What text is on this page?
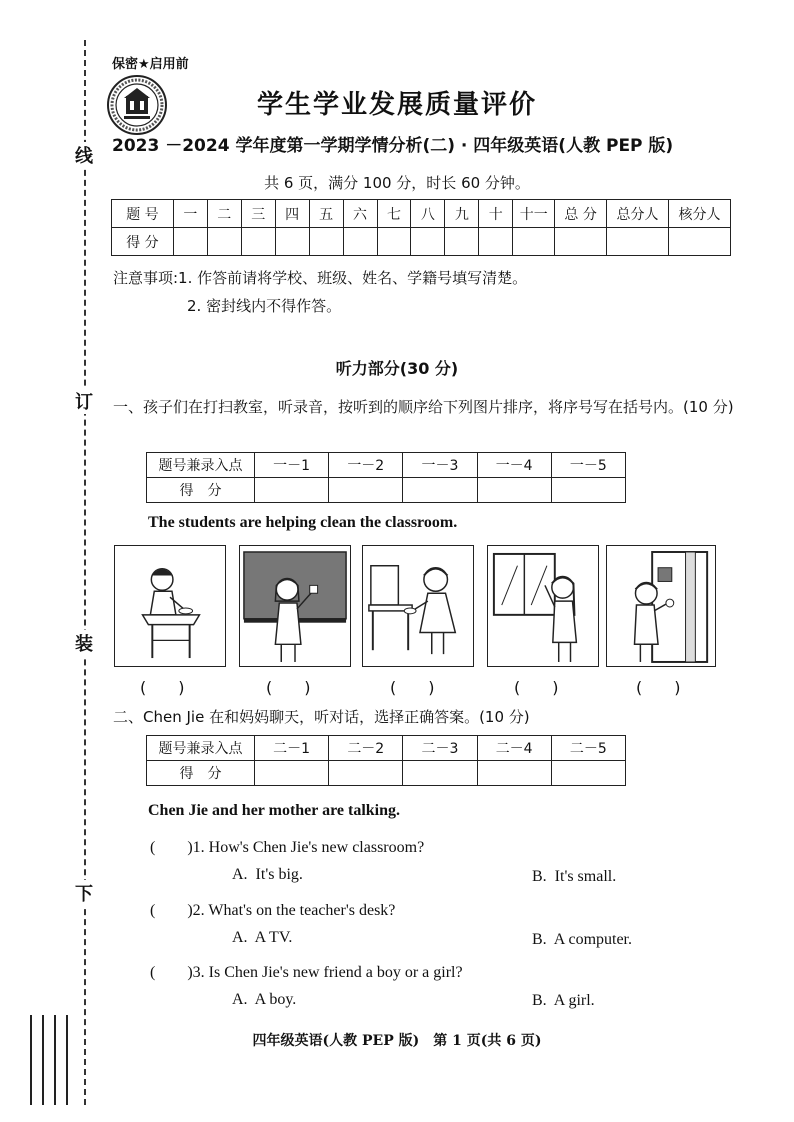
线
订
装
下
保密★启用前
学生学业发展质量评价
2023 －2024 学年度第一学期学情分析(二) · 四年级英语(人教 PEP 版)
共 6 页，满分 100 分，时长 60 分钟。
题 号	一	二	三	四	五	六	七	八	九	十	十一	总 分	总分人	核分人
得 分														
注意事项:1. 作答前请将学校、班级、姓名、学籍号填写清楚。
2. 密封线内不得作答。
听力部分(30 分)
一、孩子们在打扫教室，听录音，按听到的顺序给下列图片排序，将序号写在括号内。(10 分)
题号兼录入点	一－1	一－2	一－3	一－4	一－5
得　分					
The students are helping clean the classroom.
(　　)	(　　)	(　　)	(　　)	(　　)
二、Chen Jie 在和妈妈聊天，听对话，选择正确答案。(10 分)
题号兼录入点	二－1	二－2	二－3	二－4	二－5
得　分					
Chen Jie and her mother are talking.
(　　)1. How's Chen Jie's new classroom?
A.  It's big.	B.  It's small.
(　　)2. What's on the teacher's desk?
A.  A TV.	B.  A computer.
(　　)3. Is Chen Jie's new friend a boy or a girl?
A.  A boy.	B.  A girl.
四年级英语(人教 PEP 版)　第 1 页(共 6 页)
